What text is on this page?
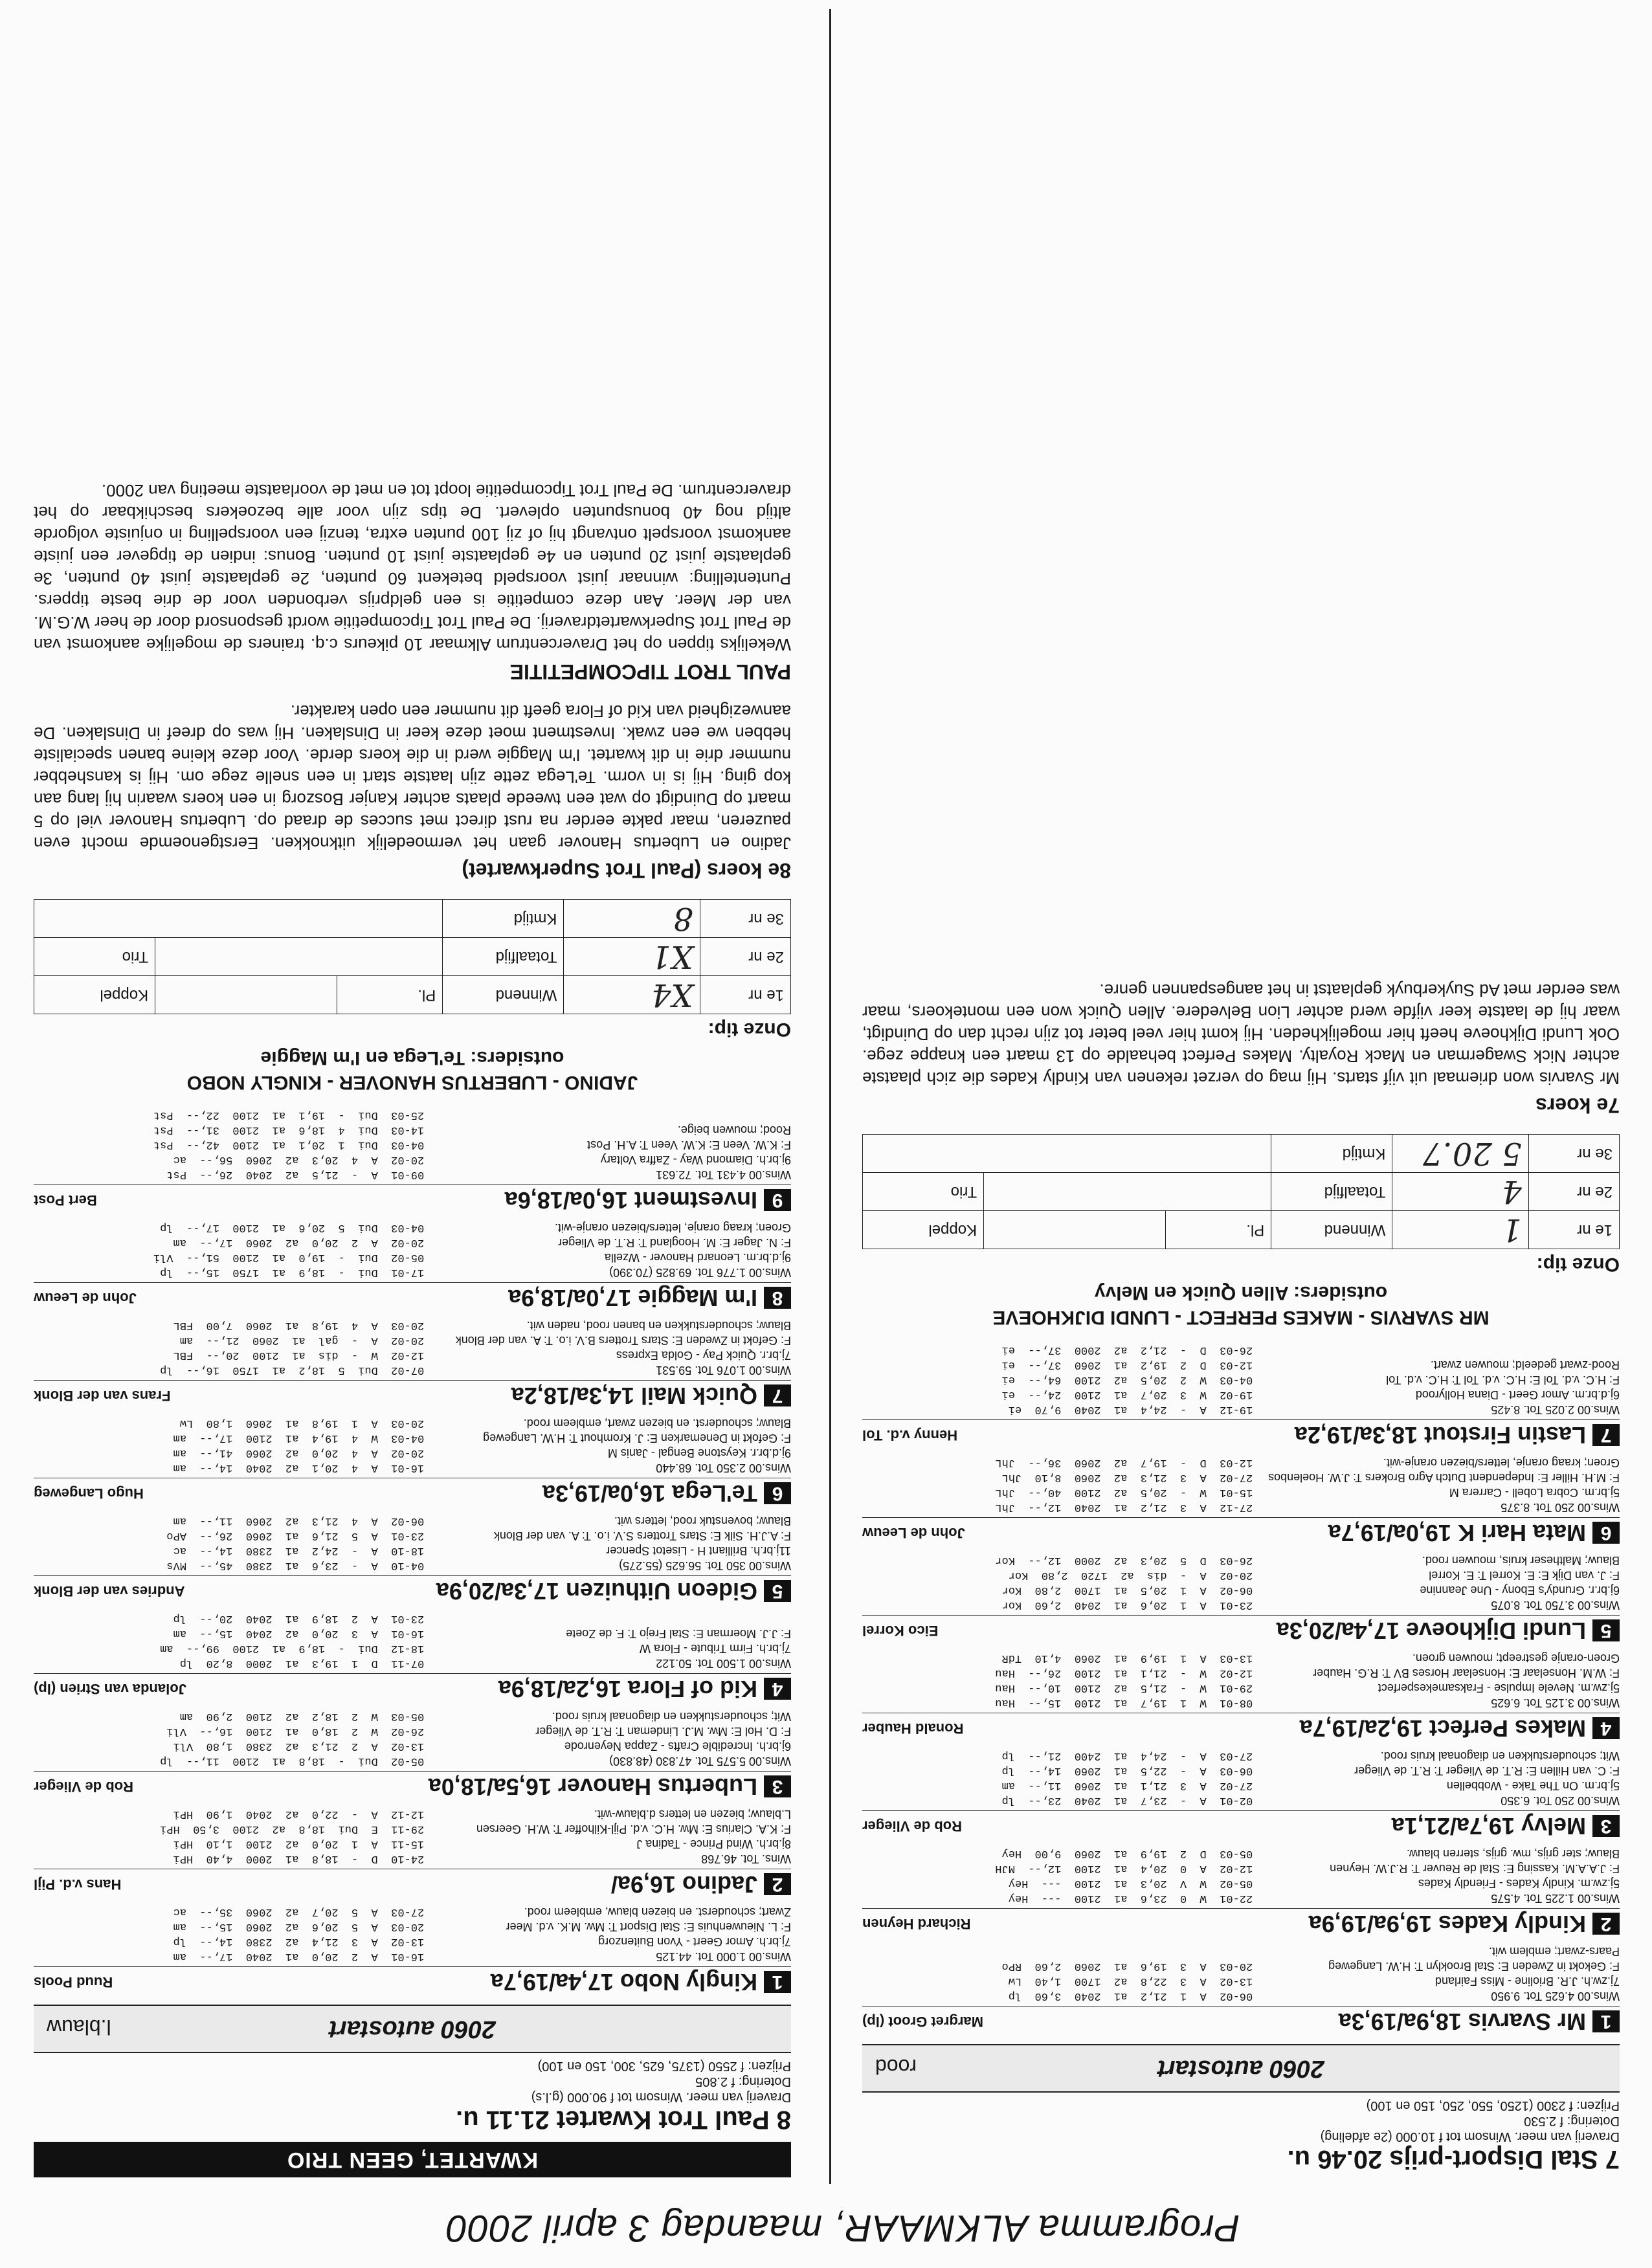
Programma ALKMAAR, maandag 3 april 2000
7 Stal Disport-prijs 20.46 u.
Draverij van meer. Winsom tot f 10.000 (2e afdeling)
Dotering: f 2.530
Prijzen: f 2300 (1250, 550, 250, 150 en 100)
2060 autostart
rood
1
Mr Svarvis 18,9a/19,3a
Margret Groot (lp)
Wins.00 4.625 Tot. 9.950
7j.zw.h. J.R. Brioline - Miss Fairland
F: Gekokt in Zweden E: Stal Brooklyn T: H.W. Langeweg
Paars-zwart; emblem wit.
06-02  A  1  21,2  a1  2040  3,60  lp
13-02  A  3  22,8  a2  1700  1,40  Lw
20-03  A  3  19,6  a1  2060  2,60  RPo
2
Kindly Kades 19,9a/19,9a
Richard Heynen
Wins.00 1.225 Tot. 4.575
5j.zw.m. Kindly Kades - Friendly Kades
F: J.A.A.M. Kassing E: Stal de Reuver T: R.J.W. Heynen
Blauw; ster grijs, mw. grijs, sterren blauw.
22-01  W  0  23,6  a1  2100  ---  Hey
05-02  W  V  20,3  a1  2100  ---  Hey
12-02  A  0  20,4  a1  2100  12,--  MJH
05-03  D  2  19,9  a1  2060  9,00  Hey
3
Melvy 19,7a/21,1a
Rob de Vlieger
Wins.00 250 Tot. 6.350
5j.br.m. On The Take - Wobbellen
F: C. van Hillen E: R.T. de Vlieger T: R.T. de Vlieger
Wit; schouderstukken en diagonaal kruis rood.
02-01  A  -  23,7  a1  2040  23,--  lp
27-02  A  3  21,1  a1  2060  11,--  am
06-03  A  -  22,5  a1  2060  14,--  lp
27-03  A  -  24,4  a1  2400  21,--  lp
4
Makes Perfect 19,2a/19,7a
Ronald Hauber
Wins.00 3.125 Tot. 6.625
5j.zw.m. Nevele Impulse - Fraksamekesperfect
F: W.M. Honselaar E: Honselaar Horses BV T: R.G. Hauber
Groen-oranje gestreept; mouwen groen.
08-01  W  1  19,7  a1  2100  15,--  Hau
29-01  W  -  21,5  a2  2100  10,--  Hau
12-02  W  -  21,1  a1  2100  26,--  Hau
13-03  A  1  19,9  a1  2060  4,10  TdR
5
Lundi Dijkhoeve 17,4a/20,3a
Eico Korrel
Wins.00 3.750 Tot. 8.075
6j.br.r. Grundy's Ebony - Une Jeannine
F: J. van Dijk E: E. Korrel T: E. Korrel
Blauw; Maltheser kruis, mouwen rood.
23-01  A  1  20,6  a1  2040  2,60  Kor
06-02  A  1  20,5  a1  1700  2,80  Kor
20-02  A  -  dis  a2  1720  2,80  Kor
26-03  D  5  20,3  a2  2000  12,--  Kor
6
Mata Hari K 19,0a/19,7a
John de Leeuw
Wins.00 250 Tot. 8.375
5j.br.m. Cobra Lobell - Carrera M
F: M.H. Hiller E: Independent Dutch Agro Brokers T: J.W. Hoelenbos
Groen; kraag oranje, letters/biezen oranje-wit.
27-12  A  3  21,2  a1  2040  12,--  JhL
15-01  W  -  20,5  a2  2100  40,--  JhL
27-02  A  3  21,3  a2  2060  8,10  JhL
12-03  D  -  19,7  a2  2060  36,--  JhL
7
Lastin Firstout 18,3a/19,2a
Henny v.d. Tol
Wins.00 2.025 Tot. 8.425
6j.d.br.m. Amor Geert - Diana Hollyrood
F: H.C. v.d. Tol E: H.C. v.d. Tol T: H.C. v.d. Tol
Rood-zwart gedeeld; mouwen zwart.
19-12  A  -  24,4  a1  2040  9,70  ei
19-02  W  3  20,7  a1  2100  24,--  ei
04-03  W  2  20,5  a2  2100  64,--  ei
12-03  D  2  19,2  a1  2060  37,--  ei
26-03  D  -  21,2  a2  2000  37,--  ei
MR SVARVIS - MAKES PERFECT - LUNDI DIJKHOEVE
outsiders: Allen Quick en Melvy
Onze tip:
1e nr	1	Winnend	Pl.		Koppel
2e nr	4	Totaalfijd			Trio
3e nr	5 20.7	Kmtijd			
7e koers
Mr Svarvis won driemaal uit vijf starts. Hij mag op verzet rekenen van Kindly Kades die zich plaatste achter Nick Swagerman en Mack Royalty. Makes Perfect behaalde op 13 maart een knappe zege. Ook Lundi Dijkhoeve heeft hier mogelijkheden. Hij komt hier veel beter tot zijn recht dan op Duindigt, waar hij de laatste keer vijfde werd achter Lion Belvedere. Allen Quick won een montekoers, maar was eerder met Ad Suykerbuyk geplaatst in het aangespannen genre.
KWARTET, GEEN TRIO
8 Paul Trot Kwartet 21.11 u.
Draverij van meer. Winsom tot f 90.000 (g.l.s)
Dotering: f 2.805
Prijzen: f 2550 (1375, 625, 300, 150 en 100)
2060 autostart
l.blauw
1
Kingly Nobo 17,4a/19,7a
Ruud Pools
Wins.00 1.000 Tot. 44.125
7j.br.h. Amor Geert - Yvon Buitenzorg
F: L. Nieuwenhuis E: Stal Disport T: Mw. M.K. v.d. Meer
Zwart; schouderst. en biezen blauw, embleem rood.
16-01  A  2  20,0  a1  2040  17,--  am
13-02  A  3  21,4  a2  2380  14,--  lp
20-03  A  5  20,6  a2  2060  15,--  am
27-03  A  5  20,7  a2  2060  35,--  ac
2
Jadino 16,9a/
Hans v.d. Pijl
Wins. Tot. 46.768
8j.br.h. Wind Prince - Tadina J
F: K.A. Clarius E: Mw. H.C. v.d. Pijl-Kilhoffer T: W.H. Geersen
L.blauw; biezen en letters d.blauw-wit.
24-10  D  -  18,8  a1  2000  4,40  HPi
15-11  A  1  20,0  a2  2100  1,10  HPi
29-11  E  Dui  18,8  a2  2100  3,50  HPi
12-12  A  -  22,0  a2  2040  1,90  HPi
3
Lubertus Hanover 16,5a/18,0a
Rob de Vlieger
Wins.00 5.575 Tot. 47.830 (48.830)
6j.br.h. Incredible Crafts - Zappa Neyenrode
F: D. Hol E: Mw. M.J. Lindeman T: R.T. de Vlieger
Wit; schouderstukken en diagonaal kruis rood.
05-02  Dui  -  18,8  a1  2100  11,--  lp
13-02  A  2  21,3  a2  2380  1,80  Vli
26-02  W  2  18,0  a1  2100  16,--  Vli
05-03  W  2  18,2  a2  2100  2,90  am
4
Kid of Flora 16,2a/18,9a
Jolanda van Strien (lp)
Wins.00 1.500 Tot. 50.122
7j.br.h. Firm Tribute - Flora W
F: J.J. Moerman E: Stal Frejo T: F. de Zoete
07-11  D  1  19,3  a1  2000  8,20  lp
18-12  Dui  -  18,9  a1  2100  99,--  am
16-01  A  3  20,0  a2  2040  15,--  am
23-01  A  2  18,9  a1  2040  20,--  lp
5
Gideon Uithuizen 17,3a/20,9a
Andries van der Blonk
Wins.00 350 Tot. 56.625 (55.275)
11j.br.h. Brilliant H - Lisetot Spencer
F: A.J.H. Silk E: Stars Trotters S.V. i.o. T: A. van der Blonk
Blauw; bovenstuk rood, letters wit.
04-10  A  -  23,6  a1  2380  45,--  MVs
18-10  A  -  24,2  a1  2380  14,--  ac
23-01  A  5  21,6  a1  2060  26,--  APo
06-02  A  4  21,3  a2  2060  11,--  am
6
Te'Lega 16,0a/19,3a
Hugo Langeweg
Wins.00 2.350 Tot. 68.440
9j.d.br.r. Keystone Bengal - Janis M
F: Gefokt in Denemarken E: J. Kromhout T: H.W. Langeweg
Blauw; schouderst. en biezen zwart, embleem rood.
16-01  A  4  20,1  a2  2040  14,--  am
20-02  A  4  20,0  a2  2060  41,--  am
04-03  W  4  19,4  a1  2100  17,--  am
20-03  A  1  19,8  a1  2060  1,80  Lw
7
Quick Mail 14,3a/18,2a
Frans van der Blonk
Wins.00 1.076 Tot. 59.531
7j.br.r. Quick Pay - Golda Express
F: Gefokt in Zweden E: Stars Trotters B.V. i.o. T: A. van der Blonk
Blauw; schouderstukken en banen rood, naden wit.
07-02  Dui  5  18,2  a1  1750  16,--  lp
12-02  W  -  dis  a1  2100  20,--  FBL
20-02  A  -  gal  a1  2060  21,--  am
20-03  A  4  19,8  a1  2060  7,00  FBL
8
I'm Maggie 17,0a/18,9a
John de Leeuw
Wins.00 1.776 Tot. 69.825 (70.390)
9j.d.br.m. Leonard Hanover - Wzella
F: N. Jager E: M. Hoogland T: R.T. de Vlieger
Groen; kraag oranje, letters/biezen oranje-wit.
17-01  Dui  -  18,9  a1  1750  15,--  lp
05-02  Dui  -  19,0  a1  2100  51,--  Vli
20-02  A  2  20,0  a2  2060  17,--  am
04-03  Dui  5  20,6  a1  2100  17,--  lp
9
Investment 16,0a/18,6a
Bert Post
Wins.00 4.431 Tot. 72.631
9j.br.h. Diamond Way - Zaffra Voltary
F: K.W. Veen E: K.W. Veen T: A.H. Post
Rood; mouwen beige.
09-01  A  -  21,5  a2  2040  26,--  Pst
20-02  A  4  20,3  a2  2060  56,--  ac
04-03  Dui  1  20,1  a1  2100  42,--  Pst
14-03  Dui  4  18,6  a1  2100  31,--  Pst
25-03  Dui  -  19,1  a1  2100  22,--  Pst
JADINO - LUBERTUS HANOVER - KINGLY NOBO
outsiders: Te'Lega en I'm Maggie
Onze tip:
1e nr	X4	Winnend	Pl.		Koppel
2e nr	X1	Totaalfijd			Trio
3e nr	8	Kmtijd			
8e koers (Paul Trot Superkwartet)
Jadino en Lubertus Hanover gaan het vermoedelijk uitknokken. Eerstgenoemde mocht even pauzeren, maar pakte eerder na rust direct met succes de draad op. Lubertus Hanover viel op 5 maart op Duindigt op wat een tweede plaats achter Kanjer Boszorg in een koers waarin hij lang aan kop ging. Hij is in vorm. Te'Lega zette zijn laatste start in een snelle zege om. Hij is kanshebber nummer drie in dit kwartet. I'm Maggie werd in die koers derde. Voor deze kleine banen specialiste hebben we een zwak. Investment moet deze keer in Dinslaken. Hij was op dreef in Dinslaken. De aanwezigheid van Kid of Flora geeft dit nummer een open karakter.
PAUL TROT TIPCOMPETITIE
Wekelijks tippen op het Dravercentrum Alkmaar 10 pikeurs c.q. trainers de mogelijke aankomst van de Paul Trot Superkwartetdraverij. De Paul Trot Tipcompetitie wordt gesponsord door de heer W.G.M. van der Meer. Aan deze competitie is een geldprijs verbonden voor de drie beste tippers. Puntentelling: winnaar juist voorspeld betekent 60 punten, 2e geplaatste juist 40 punten, 3e geplaatste juist 20 punten en 4e geplaatste juist 10 punten. Bonus: indien de tipgever een juiste aankomst voorspelt ontvangt hij of zij 100 punten extra, tenzij een voorspelling in onjuiste volgorde altijd nog 40 bonuspunten oplevert. De tips zijn voor alle bezoekers beschikbaar op het dravercentrum. De Paul Trot Tipcompetitie loopt tot en met de voorlaatste meeting van 2000.
